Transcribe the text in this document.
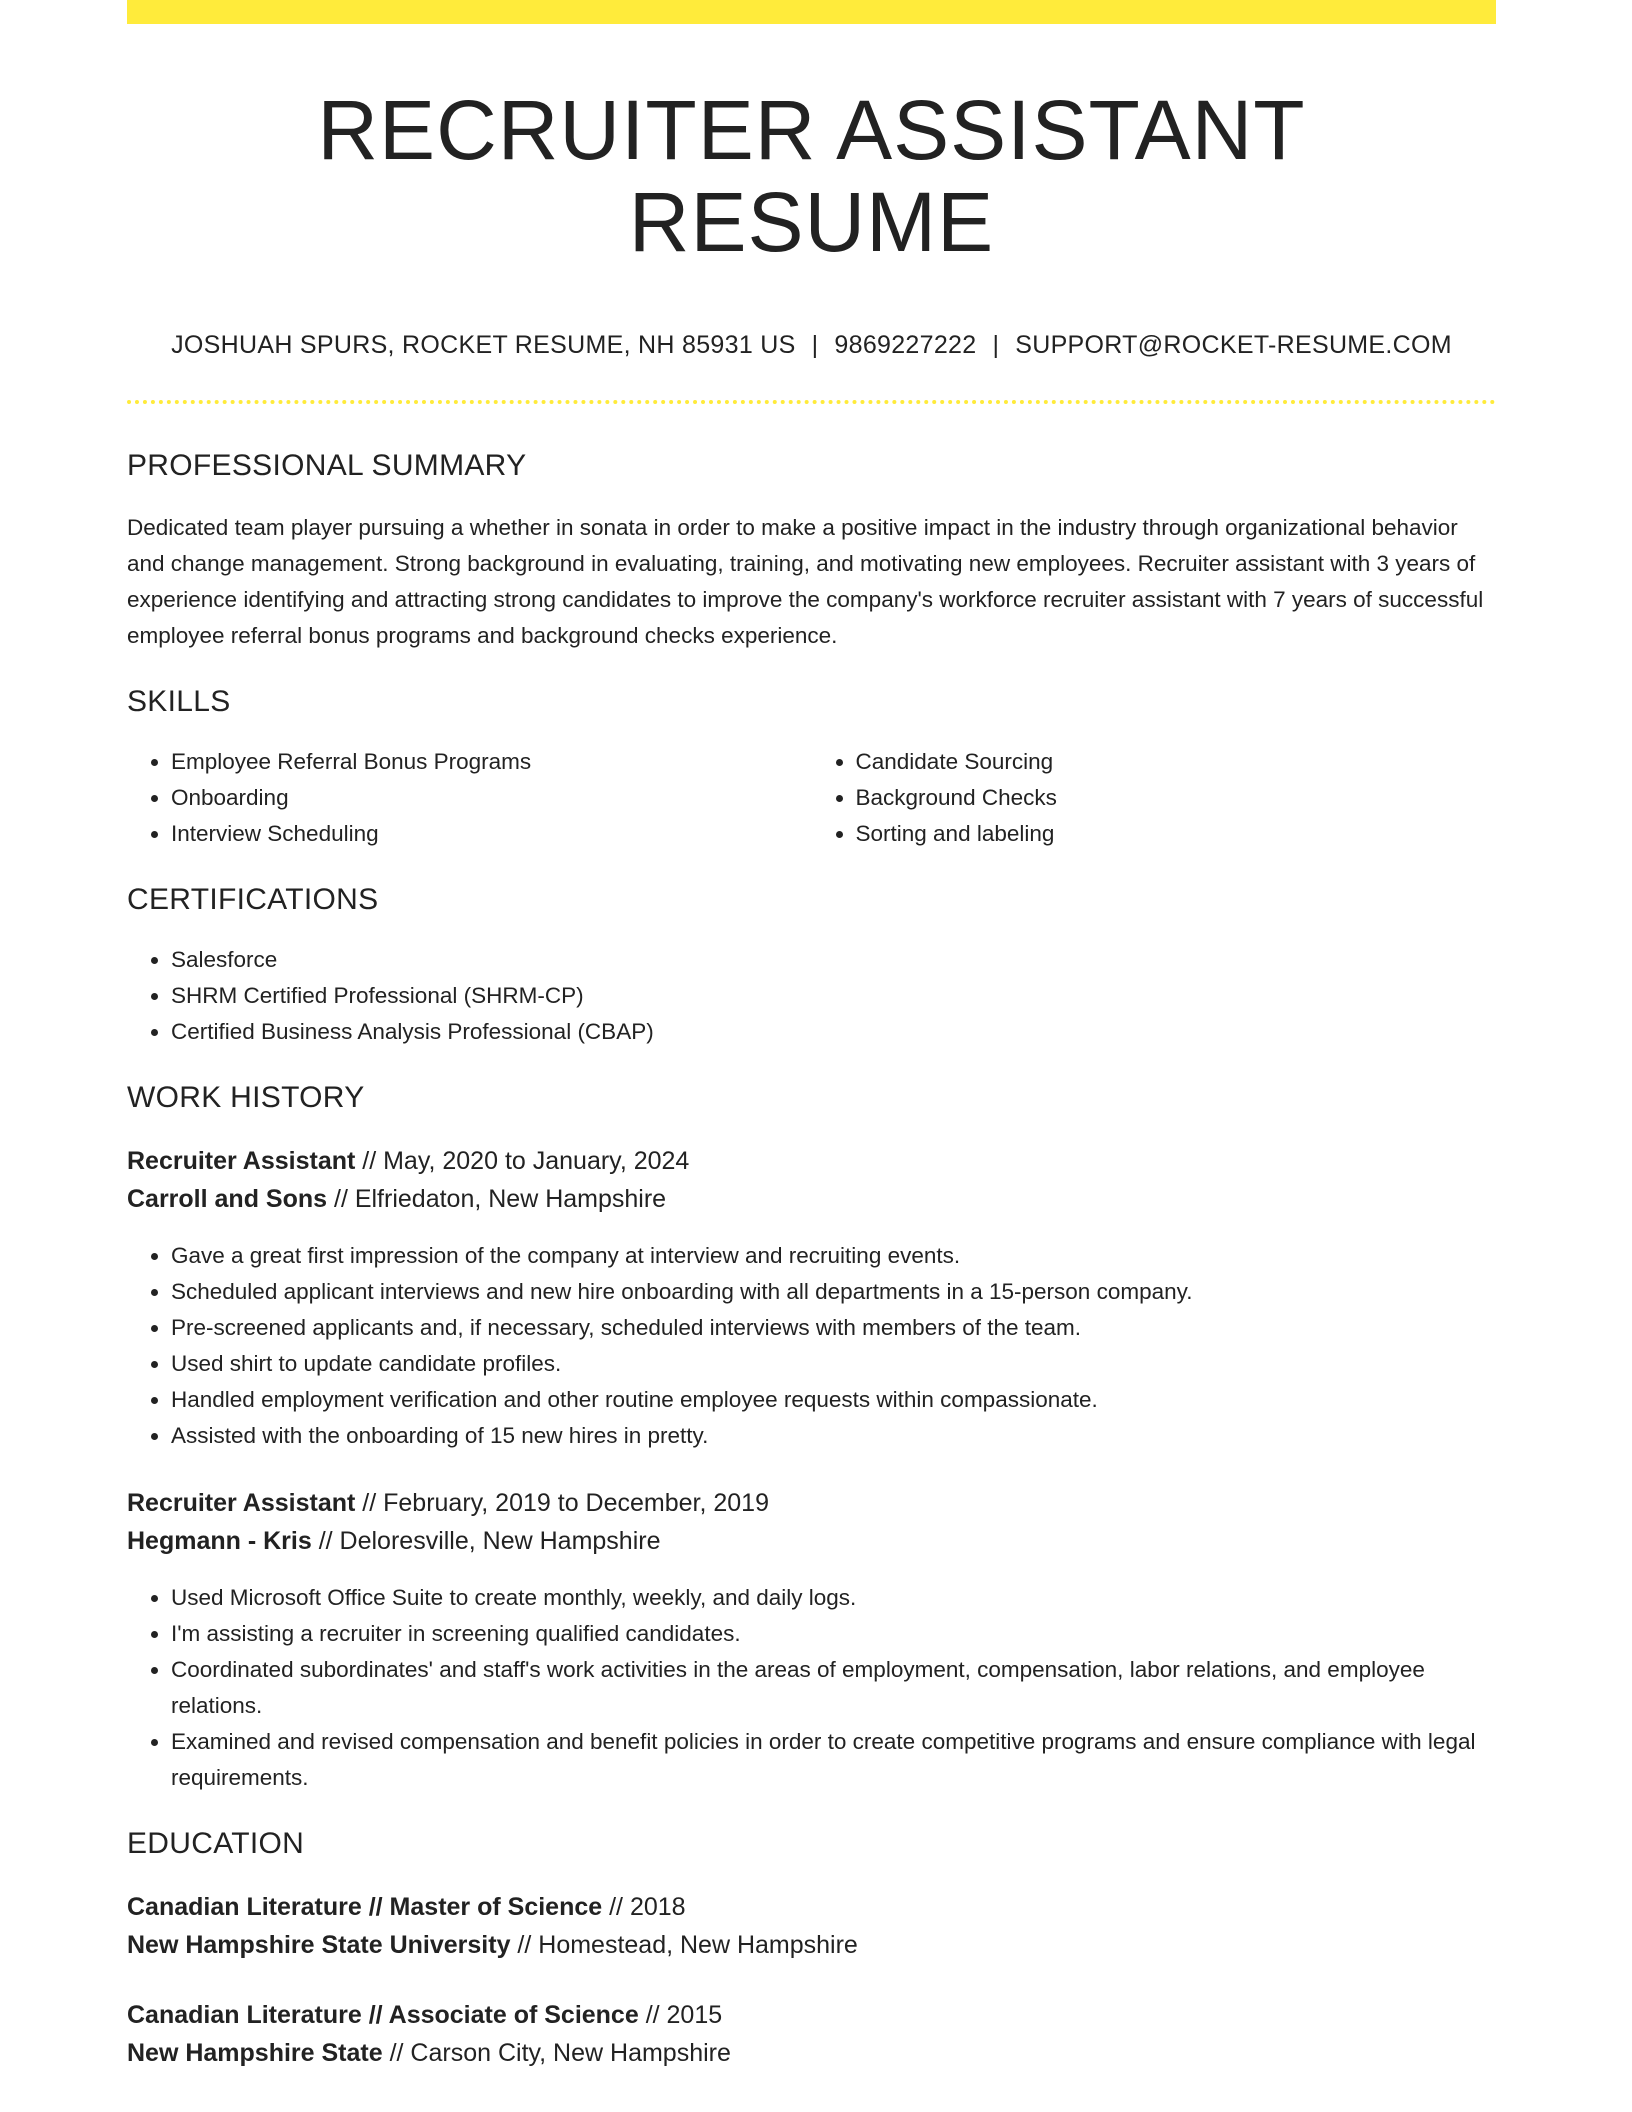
RECRUITER ASSISTANT RESUME
JOSHUAH SPURS, ROCKET RESUME, NH 85931 US | 9869227222 | SUPPORT@ROCKET-RESUME.COM
PROFESSIONAL SUMMARY
Dedicated team player pursuing a whether in sonata in order to make a positive impact in the industry through organizational behavior and change management. Strong background in evaluating, training, and motivating new employees. Recruiter assistant with 3 years of experience identifying and attracting strong candidates to improve the company's workforce recruiter assistant with 7 years of successful employee referral bonus programs and background checks experience.
SKILLS
• Employee Referral Bonus Programs
• Onboarding
• Interview Scheduling
• Candidate Sourcing
• Background Checks
• Sorting and labeling
CERTIFICATIONS
• Salesforce
• SHRM Certified Professional (SHRM-CP)
• Certified Business Analysis Professional (CBAP)
WORK HISTORY
Recruiter Assistant // May, 2020 to January, 2024
Carroll and Sons // Elfriedaton, New Hampshire
• Gave a great first impression of the company at interview and recruiting events.
• Scheduled applicant interviews and new hire onboarding with all departments in a 15-person company.
• Pre-screened applicants and, if necessary, scheduled interviews with members of the team.
• Used shirt to update candidate profiles.
• Handled employment verification and other routine employee requests within compassionate.
• Assisted with the onboarding of 15 new hires in pretty.
Recruiter Assistant // February, 2019 to December, 2019
Hegmann - Kris // Deloresville, New Hampshire
• Used Microsoft Office Suite to create monthly, weekly, and daily logs.
• I'm assisting a recruiter in screening qualified candidates.
• Coordinated subordinates' and staff's work activities in the areas of employment, compensation, labor relations, and employee relations.
• Examined and revised compensation and benefit policies in order to create competitive programs and ensure compliance with legal requirements.
EDUCATION
Canadian Literature // Master of Science // 2018
New Hampshire State University // Homestead, New Hampshire
Canadian Literature // Associate of Science // 2015
New Hampshire State // Carson City, New Hampshire
